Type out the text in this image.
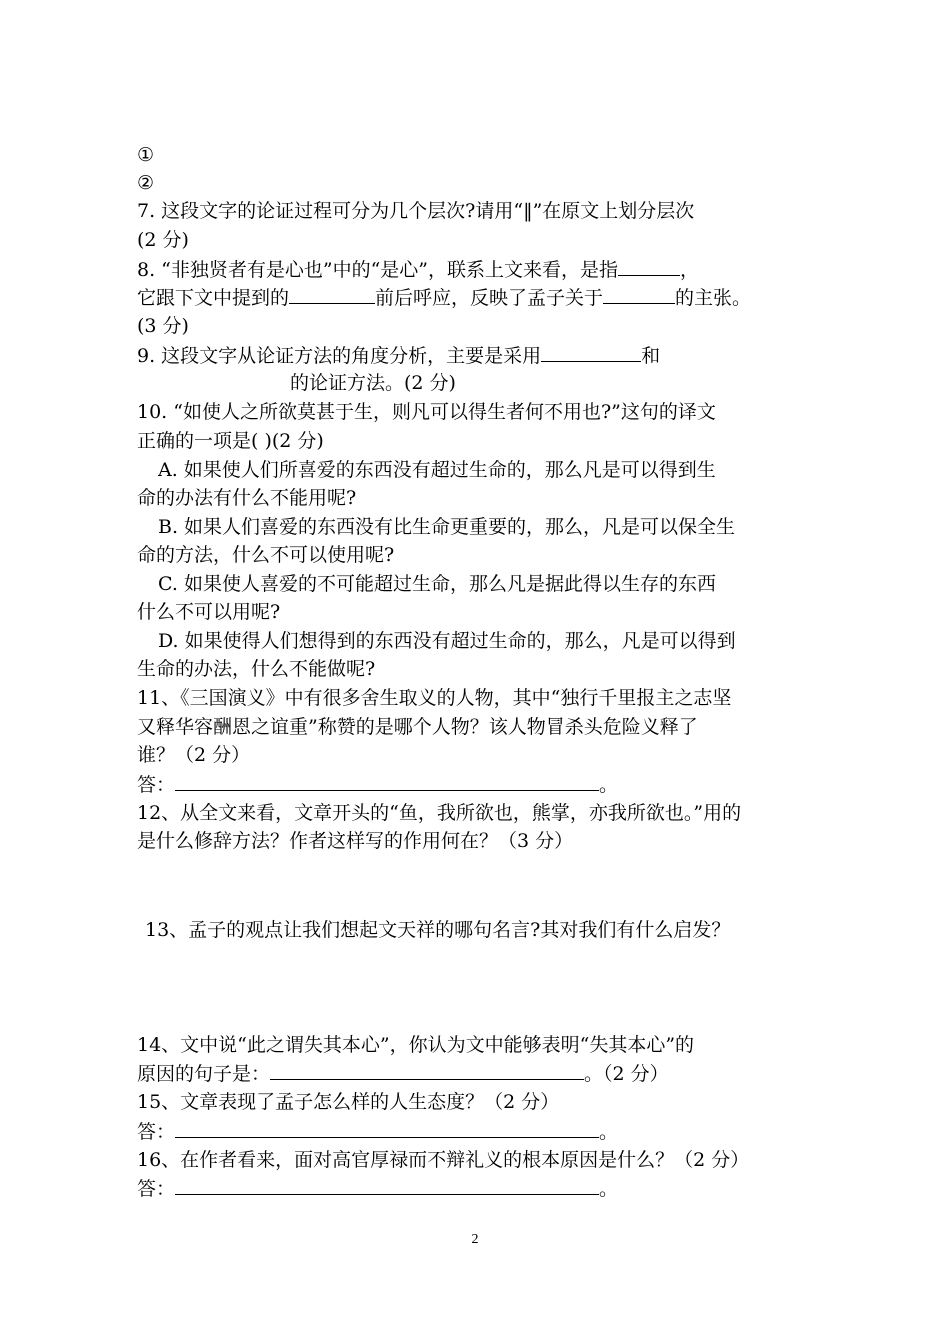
①
②
7. 这段文字的论证过程可分为几个层次?请用“‖”在原文上划分层次
(2 分)
8. “非独贤者有是心也”中的“是心”，联系上文来看，是指	，
它跟下文中提到的	前后呼应，反映了孟子关于	的主张。
(3 分)
9. 这段文字从论证方法的角度分析，主要是采用	和
的论证方法。(2 分)
10. “如使人之所欲莫甚于生，则凡可以得生者何不用也?”这句的译文
正确的一项是( )(2 分)
A. 如果使人们所喜爱的东西没有超过生命的，那么凡是可以得到生
命的办法有什么不能用呢?
B. 如果人们喜爱的东西没有比生命更重要的，那么，凡是可以保全生
命的方法，什么不可以使用呢?
C. 如果使人喜爱的不可能超过生命，那么凡是据此得以生存的东西
什么不可以用呢?
D. 如果使得人们想得到的东西没有超过生命的，那么，凡是可以得到
生命的办法，什么不能做呢?
11、《三国演义》中有很多舍生取义的人物，其中“独行千里报主之志坚
又释华容酬恩之谊重”称赞的是哪个人物？该人物冒杀头危险义释了
谁？（2 分）
答：	。
12、从全文来看，文章开头的“鱼，我所欲也，熊掌，亦我所欲也。”用的
是什么修辞方法？作者这样写的作用何在？（3 分）
13、孟子的观点让我们想起文天祥的哪句名言?其对我们有什么启发？
14、文中说“此之谓失其本心”，你认为文中能够表明“失其本心”的
原因的句子是：	。（2 分）
15、文章表现了孟子怎么样的人生态度？（2 分）
答：	。
16、在作者看来，面对高官厚禄而不辩礼义的根本原因是什么？（2 分）
答：	。
2
